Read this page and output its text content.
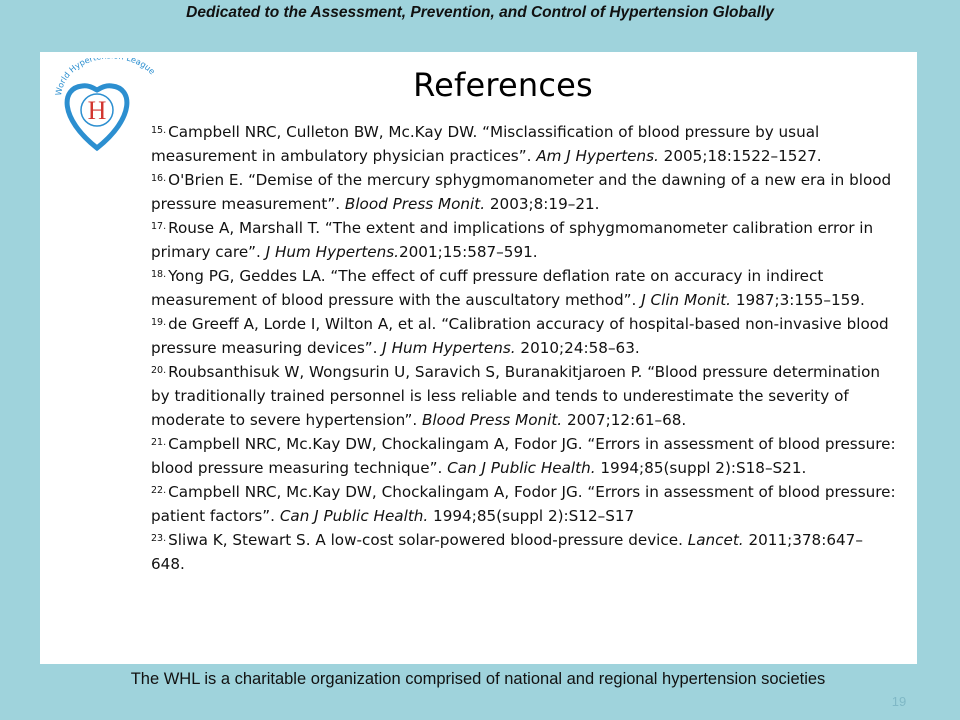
Dedicated to the Assessment, Prevention, and Control of Hypertension Globally
World Hyper eague
H
References

$^{15.}$ Campbell NRC, Culleton BW, Mc.Kay DW. “Misclassification of blood pressure by usual measurement in ambulatory physician practices”. Am J Hypertens. 2005;18:1522–1527.

$^{16.}$ O'Brien E. “Demise of the mercury sphygmomanometer and the dawning of a new era in blood pressure measurement”. Blood Press Monit. 2003;8:19–21.

$^{17.}$ Rouse A, Marshall T. “The extent and implications of sphygmomanometer calibration error in primary care”. J Hum Hypertens.2001;15:587–591.

$^{18.}$ Yong PG, Geddes LA. “The effect of cuff pressure deflation rate on accuracy in indirect measurement of blood pressure with the auscultatory method”. J Clin Monit. 1987;3:155–159.

$^{19.}$ de Greeff A, Lorde I, Wilton A, et al. “Calibration accuracy of hospital-based non-invasive blood pressure measuring devices”. J Hum Hypertens. 2010;24:58–63.

$^{20.}$ Roubsanthisuk W, Wongsurin U, Saravich S, Buranakitjaroen P. “Blood pressure determination by traditionally trained personnel is less reliable and tends to underestimate the severity of moderate to severe hypertension”. Blood Press Monit. 2007;12:61–68.

$^{21.}$ Campbell NRC, Mc.Kay DW, Chockalingam A, Fodor JG. “Errors in assessment of blood pressure: blood pressure measuring technique”. Can J Public Health. 1994;85(suppl 2):S18–S21.

$^{22.}$ Campbell NRC, Mc.Kay DW, Chockalingam A, Fodor JG. “Errors in assessment of blood pressure: patient factors”. Can J Public Health. 1994;85(suppl 2):S12–S17

$^{23.}$ Sliwa K, Stewart S. A low-cost solar-powered blood-pressure device. Lancet. 2011;378:647–648.

The WHL is a charitable organization comprised of national and regional hypertension societies
19
